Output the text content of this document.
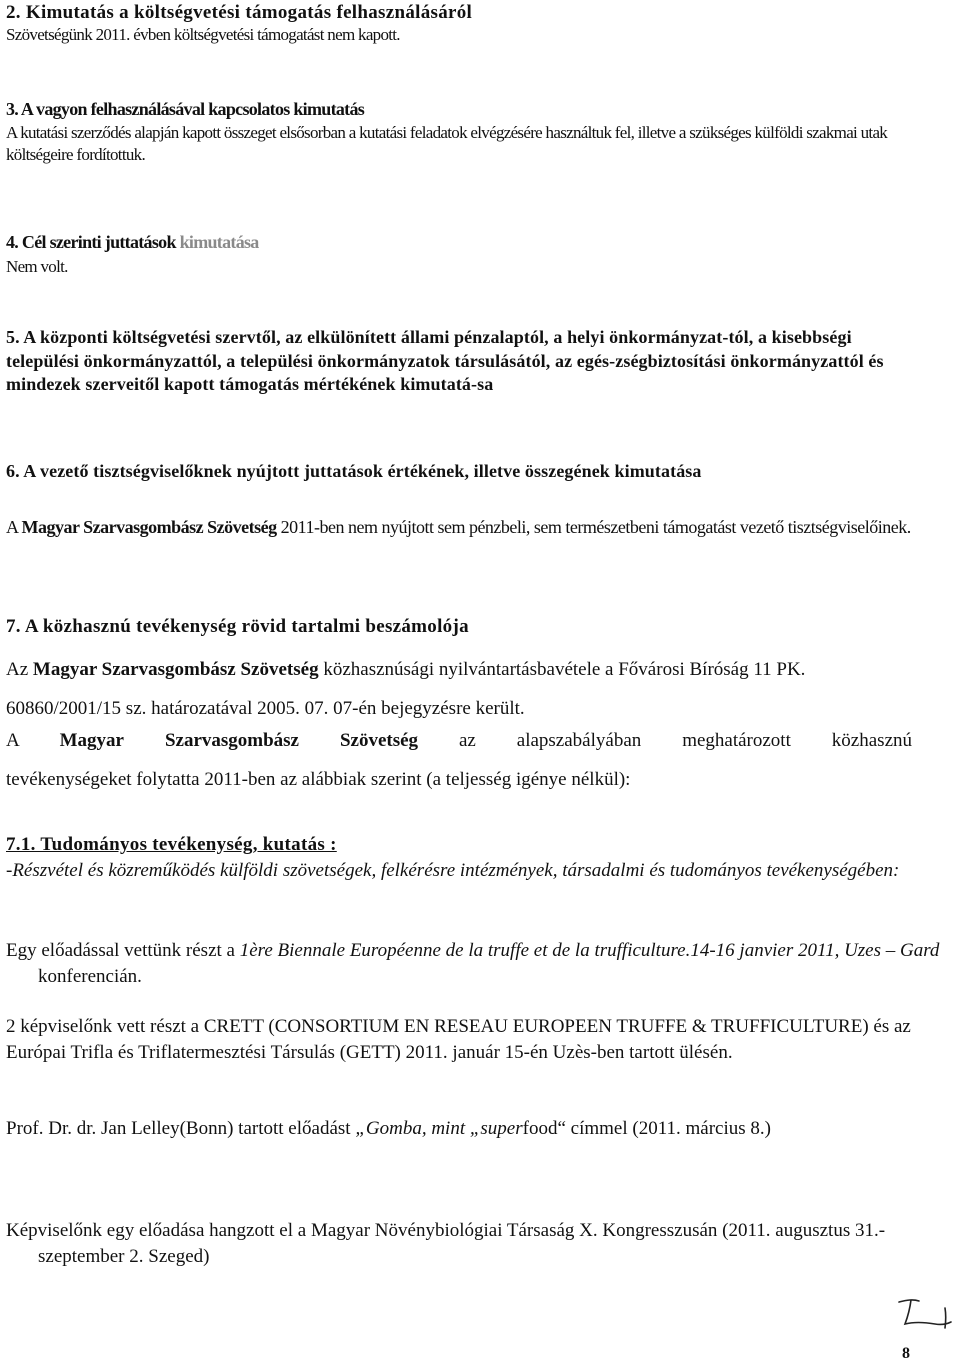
2. Kimutatás a költségvetési támogatás felhasználásáról

Szövetségünk 2011. évben költségvetési támogatást nem kapott.

3. A vagyon felhasználásával kapcsolatos kimutatás

A kutatási szerződés alapján kapott összeget elsősorban a kutatási feladatok elvégzésére használtuk fel, illetve a szükséges külföldi szakmai utak költségeire fordítottuk.

4. Cél szerinti juttatások kimutatása

Nem volt.

5. A központi költségvetési szervtől, az elkülönített állami pénzalaptól, a helyi önkormányzat-tól, a kisebbségi települési önkormányzattól, a települési önkormányzatok társulásától, az egés-zségbiztosítási önkormányzattól és mindezek szerveitől kapott támogatás mértékének kimutatá-sa
6. A vezető tisztségviselőknek nyújtott juttatások értékének, illetve összegének kimutatása

A Magyar Szarvasgombász Szövetség 2011-ben nem nyújtott sem pénzbeli, sem természetbeni támogatást vezető tisztségviselőinek.

7. A közhasznú tevékenység rövid tartalmi beszámolója

Az Magyar Szarvasgombász Szövetség közhasznúsági nyilvántartásbavétele a Fővárosi Bíróság 11 PK. 60860/2001/15 sz. határozatával 2005. 07. 07-én bejegyzésre került.

A Magyar Szarvasgombász Szövetség az alapszabályában meghatározott közhasznú

tevékenységeket folytatta 2011-ben az alábbiak szerint (a teljesség igénye nélkül):

7.1. Tudományos tevékenység, kutatás :

-Részvétel és közreműködés külföldi szövetségek, felkérésre intézmények, társadalmi és tudományos tevékenységében:

Egy előadással vettünk részt a 1ère Biennale Européenne de la truffe et de la trufficulture.14-16 janvier 2011, Uzes – Gard konferencián.

2 képviselőnk vett részt a CRETT (CONSORTIUM EN RESEAU EUROPEEN TRUFFE & TRUFFICULTURE) és az Európai Trifla és Triflatermesztési Társulás (GETT) 2011. január 15-én Uzès-ben tartott ülésén.

Prof. Dr. dr. Jan Lelley(Bonn) tartott előadást „Gomba, mint „superfood“ címmel (2011. március 8.)

Képviselőnk egy előadása hangzott el a Magyar Növénybiológiai Társaság X. Kongresszusán (2011. augusztus 31.-szeptember 2. Szeged)

8
